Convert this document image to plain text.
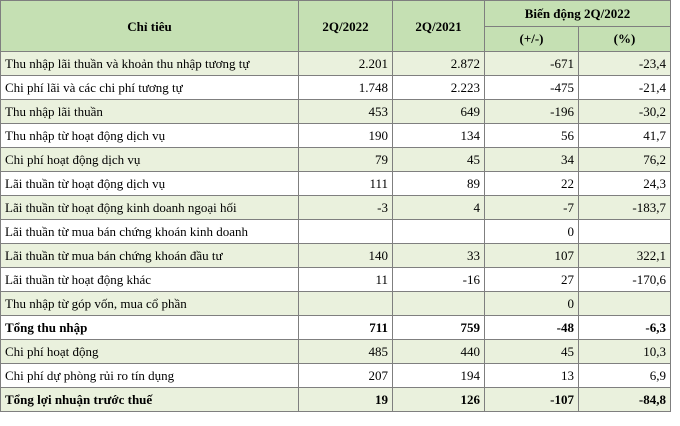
Chỉ tiêu	2Q/2022	2Q/2021	Biến động 2Q/2022	
			(+/-)	(%)
Thu nhập lãi thuần và khoản thu nhập tương tự	2.201	2.872	-671	-23,4
Chi phí lãi và các chi phí tương tự	1.748	2.223	-475	-21,4
Thu nhập lãi thuần	453	649	-196	-30,2
Thu nhập từ hoạt động dịch vụ	190	134	56	41,7
Chi phí hoạt động dịch vụ	79	45	34	76,2
Lãi thuần từ hoạt động dịch vụ	111	89	22	24,3
Lãi thuần từ hoạt động kinh doanh ngoại hối	-3	4	-7	-183,7
Lãi thuần từ mua bán chứng khoán kinh doanh			0	
Lãi thuần từ mua bán chứng khoán đầu tư	140	33	107	322,1
Lãi thuần từ hoạt động khác	11	-16	27	-170,6
Thu nhập từ góp vốn, mua cổ phần			0	
Tổng thu nhập	711	759	-48	-6,3
Chi phí hoạt động	485	440	45	10,3
Chi phí dự phòng rủi ro tín dụng	207	194	13	6,9
Tổng lợi nhuận trước thuế	19	126	-107	-84,8
